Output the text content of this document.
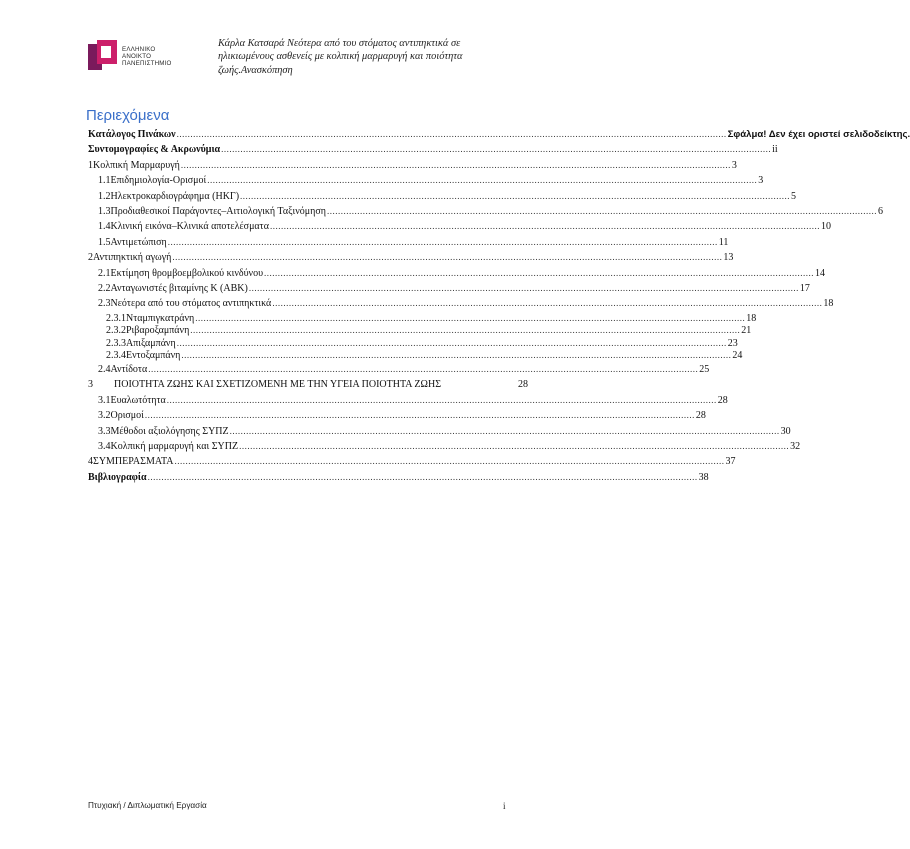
ΕΛΛΗΝΙΚΟ
ΑΝΟΙΚΤΟ
ΠΑΝΕΠΙΣΤΗΜΙΟ
Κάρλα Κατσαρά Νεότερα από του στόματος αντιπηκτικά σε ηλικιωμένους ασθενείς με κολπική μαρμαρυγή και ποιότητα ζωής.Ανασκόπηση
Περιεχόμενα
Κατάλογος Πινάκων ........................................................................................................................................................................................................ Σφάλμα! Δεν έχει οριστεί σελιδοδείκτης.
Συντομογραφίες & Ακρωνύμια ........................................................................................................................................................................................................ ii
1 Κολπική Μαρμαρυγή ........................................................................................................................................................................................................ 3
1.1 Επιδημιολογία-Ορισμοί ........................................................................................................................................................................................................ 3
1.2 Ηλεκτροκαρδιογράφημα (ΗΚΓ) ........................................................................................................................................................................................................ 5
1.3 Προδιαθεσικοί Παράγοντες–Αιτιολογική Ταξινόμηση ........................................................................................................................................................................................................ 6
1.4 Κλινική εικόνα–Κλινικά αποτελέσματα ........................................................................................................................................................................................................ 10
1.5 Αντιμετώπιση ........................................................................................................................................................................................................ 11
2 Αντιπηκτική αγωγή ........................................................................................................................................................................................................ 13
2.1 Εκτίμηση θρομβοεμβολικού κινδύνου ........................................................................................................................................................................................................ 14
2.2 Ανταγωνιστές βιταμίνης Κ (ΑΒΚ) ........................................................................................................................................................................................................ 17
2.3 Νεότερα από του στόματος αντιπηκτικά ........................................................................................................................................................................................................ 18
2.3.1 Νταμπιγκατράνη ........................................................................................................................................................................................................ 18
2.3.2 Ριβαροξαμπάνη ........................................................................................................................................................................................................ 21
2.3.3 Απιξαμπάνη ........................................................................................................................................................................................................ 23
2.3.4 Εντοξαμπάνη ........................................................................................................................................................................................................ 24
2.4 Αντίδοτα ........................................................................................................................................................................................................ 25
3	ΠΟΙΟΤΗΤΑ ΖΩΗΣ ΚΑΙ ΣΧΕΤΙΖΟΜΕΝΗ ΜΕ ΤΗΝ ΥΓΕΙΑ ΠΟΙΟΤΗΤΑ ΖΩΗΣ	28
3.1 Ευαλωτότητα ........................................................................................................................................................................................................ 28
3.2 Ορισμοί ........................................................................................................................................................................................................ 28
3.3 Μέθοδοι αξιολόγησης ΣΥΠΖ ........................................................................................................................................................................................................ 30
3.4 Κολπική μαρμαρυγή και ΣΥΠΖ ........................................................................................................................................................................................................ 32
4 ΣΥΜΠΕΡΑΣΜΑΤΑ ........................................................................................................................................................................................................ 37
Βιβλιογραφία ........................................................................................................................................................................................................ 38
Πτυχιακή / Διπλωματική Εργασία	i
